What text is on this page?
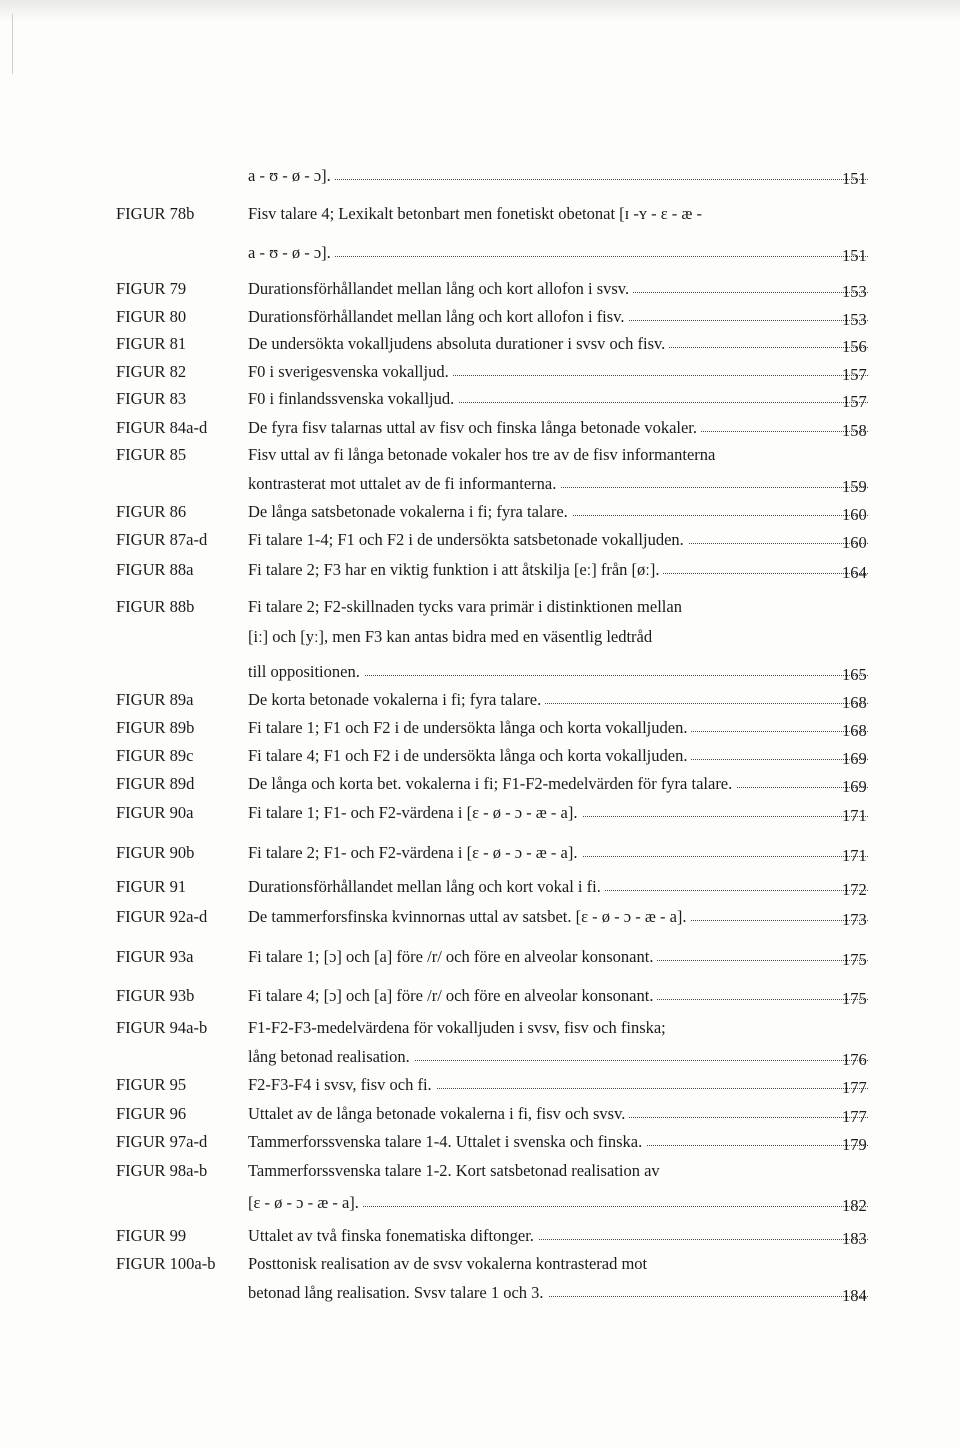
a - ʊ - ø - ɔ].	151
FIGUR 78b	Fisv talare 4; Lexikalt betonbart men fonetiskt obetonat [ɪ -ʏ - ɛ - æ -
a - ʊ - ø - ɔ].	151
FIGUR 79	Durationsförhållandet mellan lång och kort allofon i svsv.	153
FIGUR 80	Durationsförhållandet mellan lång och kort allofon i fisv.	153
FIGUR 81	De undersökta vokalljudens absoluta durationer i svsv och fisv.	156
FIGUR 82	F0 i sverigesvenska vokalljud.	157
FIGUR 83	F0 i finlandssvenska vokalljud.	157
FIGUR 84a-d De fyra fisv talarnas uttal av fisv och finska långa betonade vokaler.	158
FIGUR 85	Fisv uttal av fi långa betonade vokaler hos tre av de fisv informanterna
kontrasterat mot uttalet av de fi informanterna.	159
FIGUR 86	De långa satsbetonade vokalerna i fi; fyra talare.	160
FIGUR 87a-d Fi talare 1-4; F1 och F2 i de undersökta satsbetonade vokalljuden.	160
FIGUR 88a	Fi talare 2; F3 har en viktig funktion i att åtskilja [eː] från [øː].	164
FIGUR 88b	Fi talare 2; F2-skillnaden tycks vara primär i distinktionen mellan
[iː] och [yː], men F3 kan antas bidra med en väsentlig ledtråd
till oppositionen.	165
FIGUR 89a	De korta betonade vokalerna i fi; fyra talare.	168
FIGUR 89b	Fi talare 1; F1 och F2 i de undersökta långa och korta vokalljuden.	168
FIGUR 89c	Fi talare 4; F1 och F2 i de undersökta långa och korta vokalljuden.	169
FIGUR 89d	De långa och korta bet. vokalerna i fi; F1-F2-medelvärden för fyra talare.	169
FIGUR 90a	Fi talare 1; F1- och F2-värdena i [ɛ - ø - ɔ - æ - a].	171
FIGUR 90b	Fi talare 2; F1- och F2-värdena i [ɛ - ø - ɔ - æ - a].	171
FIGUR 91	Durationsförhållandet mellan lång och kort vokal i fi.	172
FIGUR 92a-d De tammerforsfinska kvinnornas uttal av satsbet. [ɛ - ø - ɔ - æ - a].	173
FIGUR 93a	Fi talare 1; [ɔ] och [a] före /r/ och före en alveolar konsonant.	175
FIGUR 93b	Fi talare 4; [ɔ] och [a] före /r/ och före en alveolar konsonant.	175
FIGUR 94a-b F1-F2-F3-medelvärdena för vokalljuden i svsv, fisv och finska;
lång betonad realisation.	176
FIGUR 95	F2-F3-F4 i svsv, fisv och fi.	177
FIGUR 96	Uttalet av de långa betonade vokalerna i fi, fisv och svsv.	177
FIGUR 97a-d Tammerforssvenska talare 1-4. Uttalet i svenska och finska.	179
FIGUR 98a-b Tammerforssvenska talare 1-2. Kort satsbetonad realisation av
[ɛ - ø - ɔ - æ - a].	182
FIGUR 99	Uttalet av två finska fonematiska diftonger.	183
FIGUR 100a-b Posttonisk realisation av de svsv vokalerna kontrasterad mot
betonad lång realisation. Svsv talare 1 och 3.	184
